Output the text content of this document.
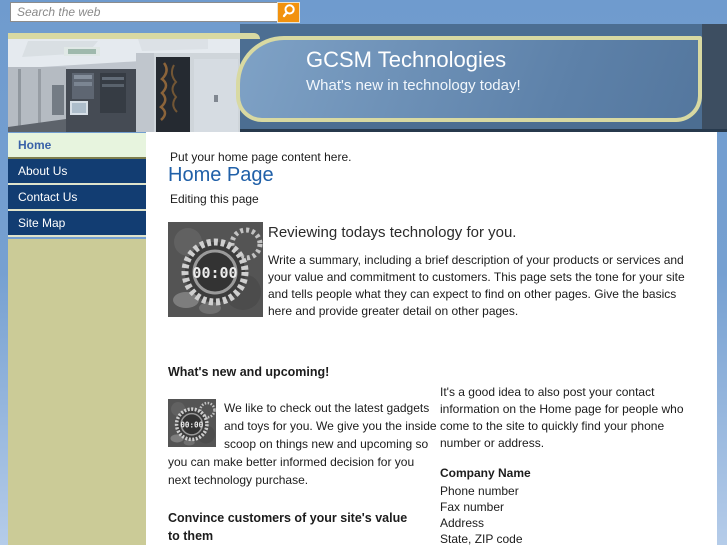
Search the web
GCSM Technologies
What's new in technology today!
Home
About Us
Contact Us
Site Map
Put your home page content here.
Home Page
Editing this page
Reviewing todays technology for you.
Write a summary, including a brief description of your products or services and your value and commitment to customers. This page sets the tone for your site and tells people what they can expect to find on other pages. Give the basics here and provide greater detail on other pages.
What's new and upcoming!
We like to check out the latest gadgets and toys for you. We give you the inside scoop on things new and upcoming so you can make better informed decision for you next technology purchase.
Convince customers of your site's value to them
It's a good idea to also post your contact information on the Home page for people who come to the site to quickly find your phone number or address.
Company Name
Phone number
Fax number
Address
State, ZIP code
